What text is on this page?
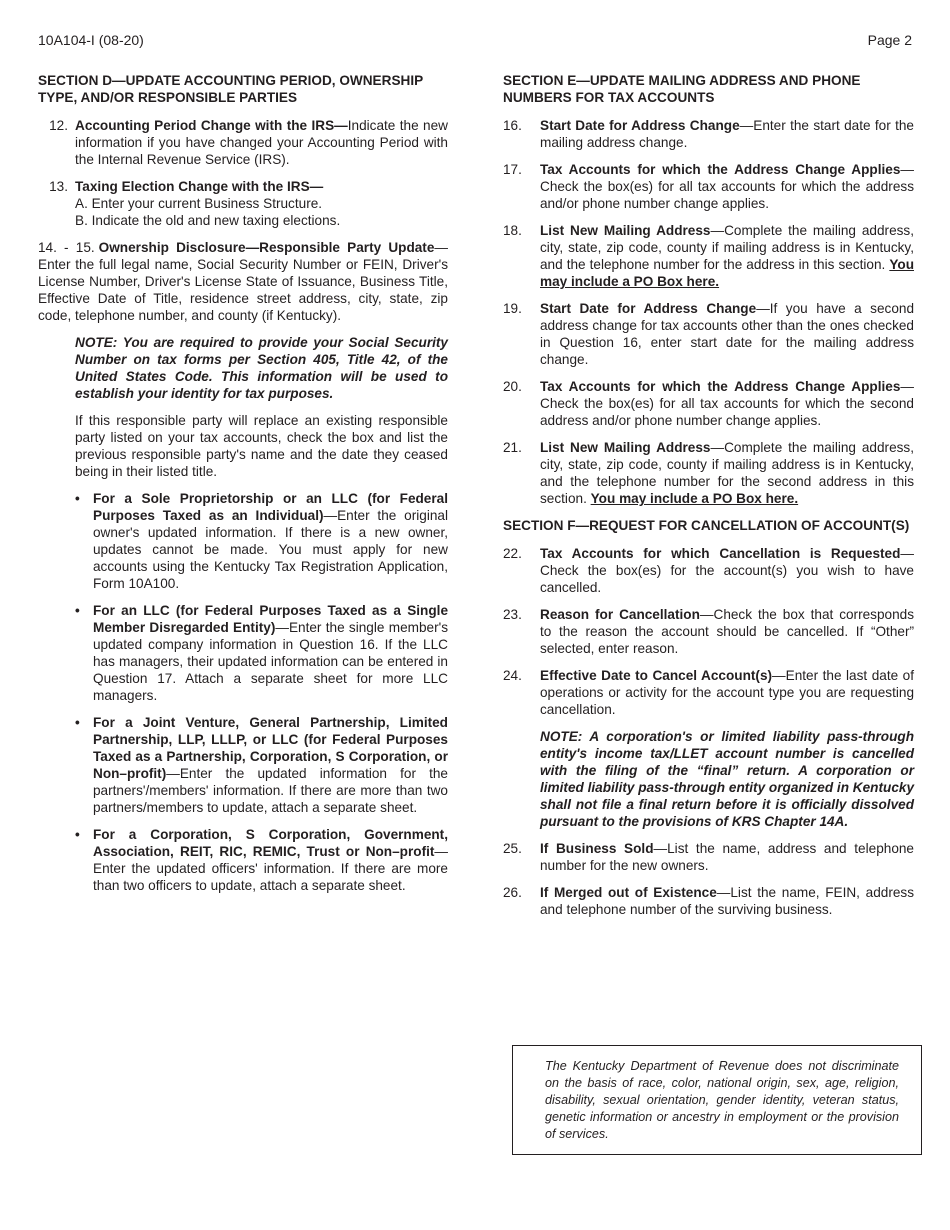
10A104-I (08-20)	Page 2
SECTION D—UPDATE ACCOUNTING PERIOD, OWNERSHIP TYPE, AND/OR RESPONSIBLE PARTIES
12. Accounting Period Change with the IRS—Indicate the new information if you have changed your Accounting Period with the Internal Revenue Service (IRS).
13. Taxing Election Change with the IRS—
A. Enter your current Business Structure.
B. Indicate the old and new taxing elections.
14. - 15. Ownership Disclosure—Responsible Party Update—Enter the full legal name, Social Security Number or FEIN, Driver's License Number, Driver's License State of Issuance, Business Title, Effective Date of Title, residence street address, city, state, zip code, telephone number, and county (if Kentucky).
NOTE: You are required to provide your Social Security Number on tax forms per Section 405, Title 42, of the United States Code. This information will be used to establish your identity for tax purposes.
If this responsible party will replace an existing responsible party listed on your tax accounts, check the box and list the previous responsible party's name and the date they ceased being in their listed title.
• For a Sole Proprietorship or an LLC (for Federal Purposes Taxed as an Individual)—Enter the original owner's updated information. If there is a new owner, updates cannot be made. You must apply for new accounts using the Kentucky Tax Registration Application, Form 10A100.
• For an LLC (for Federal Purposes Taxed as a Single Member Disregarded Entity)—Enter the single member's updated company information in Question 16. If the LLC has managers, their updated information can be entered in Question 17. Attach a separate sheet for more LLC managers.
• For a Joint Venture, General Partnership, Limited Partnership, LLP, LLLP, or LLC (for Federal Purposes Taxed as a Partnership, Corporation, S Corporation, or Non–profit)—Enter the updated information for the partners'/members' information. If there are more than two partners/members to update, attach a separate sheet.
• For a Corporation, S Corporation, Government, Association, REIT, RIC, REMIC, Trust or Non–profit—Enter the updated officers' information. If there are more than two officers to update, attach a separate sheet.
SECTION E—UPDATE MAILING ADDRESS AND PHONE NUMBERS FOR TAX ACCOUNTS
16.	Start Date for Address Change—Enter the start date for the mailing address change.
17.	Tax Accounts for which the Address Change Applies—Check the box(es) for all tax accounts for which the address and/or phone number change applies.
18.	List New Mailing Address—Complete the mailing address, city, state, zip code, county if mailing address is in Kentucky, and the telephone number for the address in this section. You may include a PO Box here.
19.	Start Date for Address Change—If you have a second address change for tax accounts other than the ones checked in Question 16, enter start date for the mailing address change.
20.	Tax Accounts for which the Address Change Applies—Check the box(es) for all tax accounts for which the second address and/or phone number change applies.
21.	List New Mailing Address—Complete the mailing address, city, state, zip code, county if mailing address is in Kentucky, and the telephone number for the second address in this section. You may include a PO Box here.
SECTION F—REQUEST FOR CANCELLATION OF ACCOUNT(S)
22.	Tax Accounts for which Cancellation is Requested—Check the box(es) for the account(s) you wish to have cancelled.
23.	Reason for Cancellation—Check the box that corresponds to the reason the account should be cancelled. If “Other” selected, enter reason.
24.	Effective Date to Cancel Account(s)—Enter the last date of operations or activity for the account type you are requesting cancellation.
NOTE: A corporation's or limited liability pass-through entity's income tax/LLET account number is cancelled with the filing of the “final” return. A corporation or limited liability pass-through entity organized in Kentucky shall not file a final return before it is officially dissolved pursuant to the provisions of KRS Chapter 14A.
25.	If Business Sold—List the name, address and telephone number for the new owners.
26.	If Merged out of Existence—List the name, FEIN, address and telephone number of the surviving business.
The Kentucky Department of Revenue does not discriminate on the basis of race, color, national origin, sex, age, religion, disability, sexual orientation, gender identity, veteran status, genetic information or ancestry in employment or the provision of services.
